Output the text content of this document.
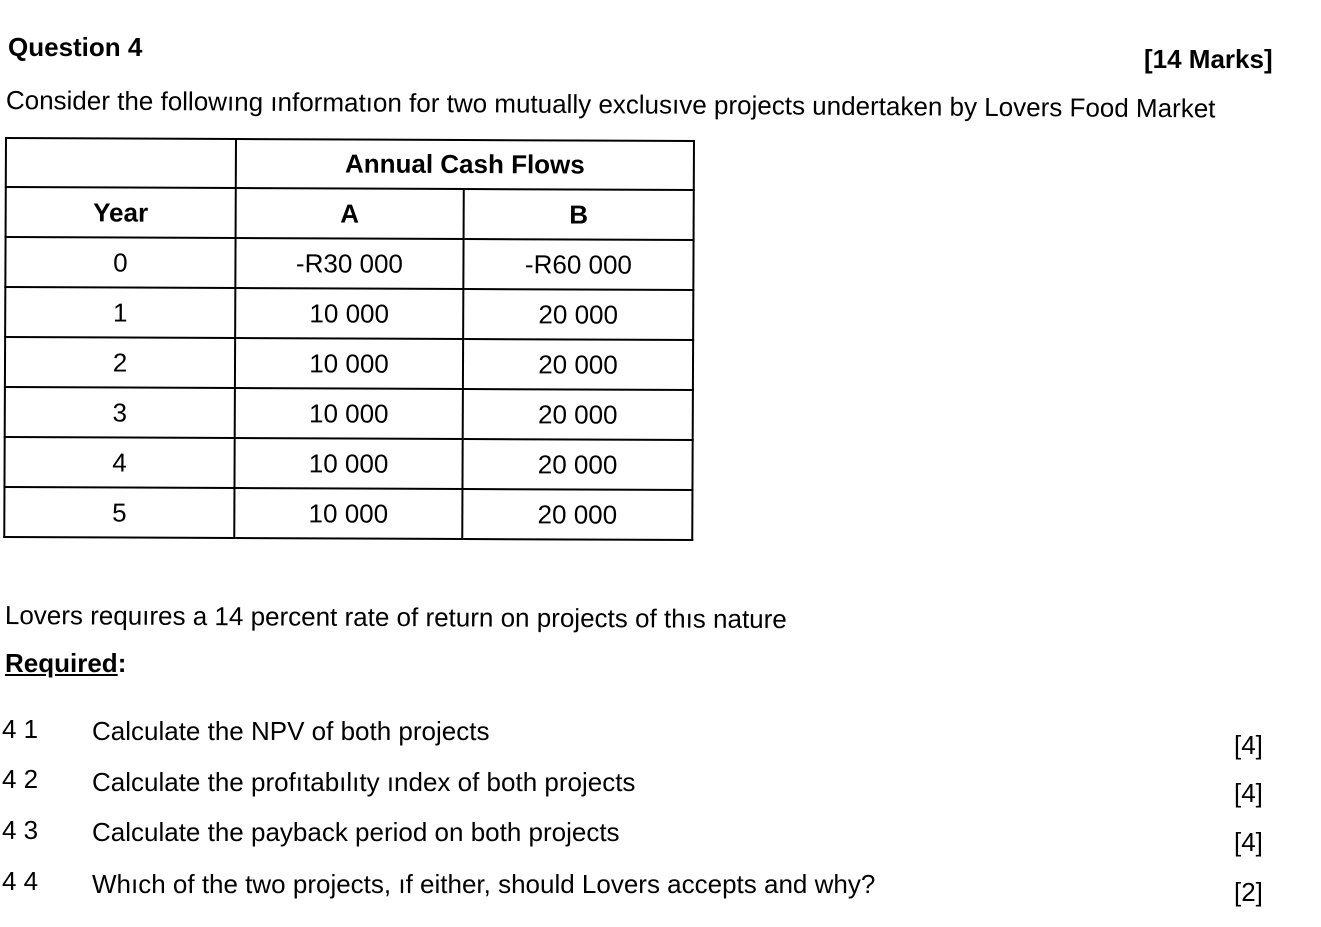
Question 4	[14 Marks]
Consider the followıng ınformatıon for two mutually exclusıve projects undertaken by Lovers Food Market
	Annual Cash Flows	
Year	A	B
0	-R30 000	-R60 000
1	10 000	20 000
2	10 000	20 000
3	10 000	20 000
4	10 000	20 000
5	10 000	20 000
Lovers requıres a 14 percent rate of return on projects of thıs nature
Required:
4 1 Calculate the NPV of both projects	[4]
4 2 Calculate the profıtabılıty ındex of both projects	[4]
4 3 Calculate the payback period on both projects	[4]
4 4 Whıch of the two projects, ıf either, should Lovers accepts and why?	[2]
